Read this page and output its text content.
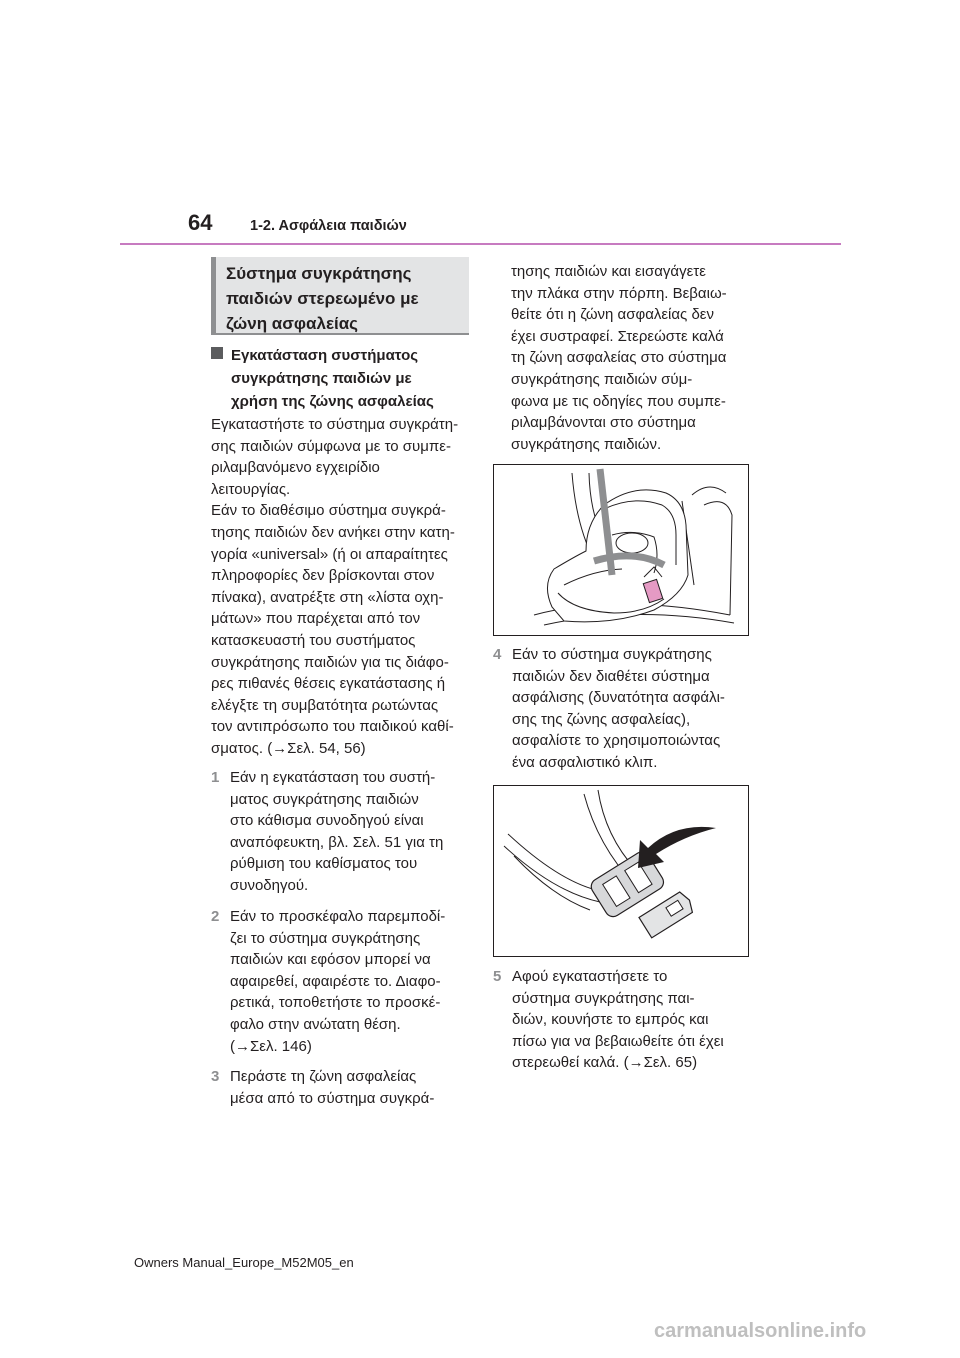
64	1-2. Ασφάλεια παιδιών
Σύστημα συγκράτησης
παιδιών στερεωμένο με
ζώνη ασφαλείας
Εγκατάσταση συστήματος
συγκράτησης παιδιών με
χρήση της ζώνης ασφαλείας
Εγκαταστήστε το σύστημα συγκράτη-
σης παιδιών σύμφωνα με το συμπε-
ριλαμβανόμενο εγχειρίδιο
λειτουργίας.
Εάν το διαθέσιμο σύστημα συγκρά-
τησης παιδιών δεν ανήκει στην κατη-
γορία «universal» (ή οι απαραίτητες
πληροφορίες δεν βρίσκονται στον
πίνακα), ανατρέξτε στη «λίστα οχη-
μάτων» που παρέχεται από τον
κατασκευαστή του συστήματος
συγκράτησης παιδιών για τις διάφο-
ρες πιθανές θέσεις εγκατάστασης ή
ελέγξτε τη συμβατότητα ρωτώντας
τον αντιπρόσωπο του παιδικού καθί-
σματος. (→Σελ. 54, 56)
1 Εάν η εγκατάσταση του συστή-
ματος συγκράτησης παιδιών
στο κάθισμα συνοδηγού είναι
αναπόφευκτη, βλ. Σελ. 51 για τη
ρύθμιση του καθίσματος του
συνοδηγού.
2 Εάν το προσκέφαλο παρεμποδί-
ζει το σύστημα συγκράτησης
παιδιών και εφόσον μπορεί να
αφαιρεθεί, αφαιρέστε το. Διαφο-
ρετικά, τοποθετήστε το προσκέ-
φαλο στην ανώτατη θέση.
(→Σελ. 146)
3 Περάστε τη ζώνη ασφαλείας
μέσα από το σύστημα συγκρά-
τησης παιδιών και εισαγάγετε
την πλάκα στην πόρπη. Βεβαιω-
θείτε ότι η ζώνη ασφαλείας δεν
έχει συστραφεί. Στερεώστε καλά
τη ζώνη ασφαλείας στο σύστημα
συγκράτησης παιδιών σύμ-
φωνα με τις οδηγίες που συμπε-
ριλαμβάνονται στο σύστημα
συγκράτησης παιδιών.
4 Εάν το σύστημα συγκράτησης
παιδιών δεν διαθέτει σύστημα
ασφάλισης (δυνατότητα ασφάλι-
σης της ζώνης ασφαλείας),
ασφαλίστε το χρησιμοποιώντας
ένα ασφαλιστικό κλιπ.
5 Αφού εγκαταστήσετε το
σύστημα συγκράτησης παι-
διών, κουνήστε το εμπρός και
πίσω για να βεβαιωθείτε ότι έχει
στερεωθεί καλά. (→Σελ. 65)
Owners Manual_Europe_M52M05_en
carmanualsonline.info
